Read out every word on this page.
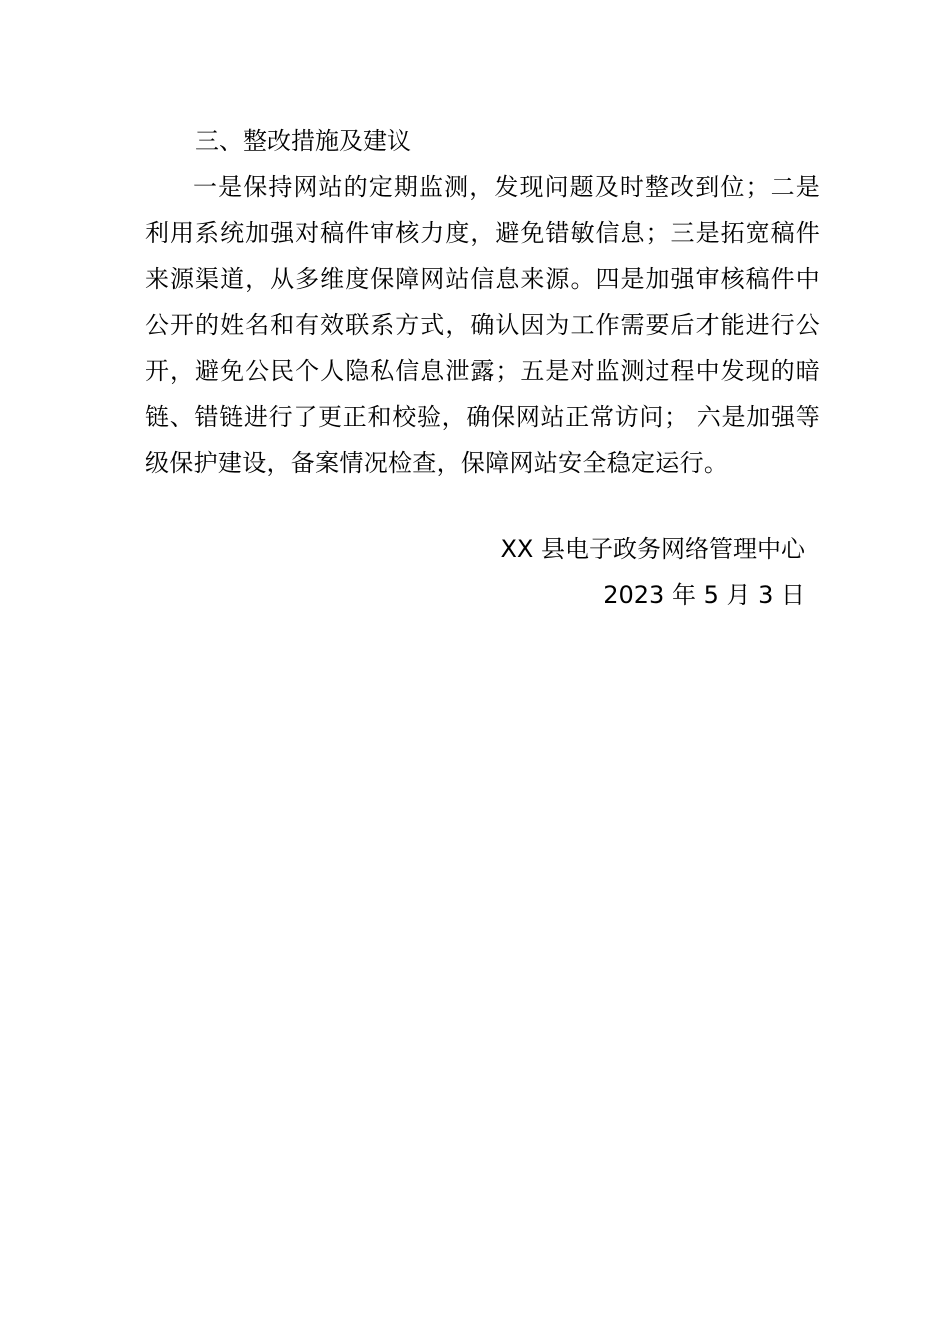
三、整改措施及建议

一是保持网站的定期监测，发现问题及时整改到位；二是利用系统加强对稿件审核力度，避免错敏信息；三是拓宽稿件来源渠道，从多维度保障网站信息来源。四是加强审核稿件中公开的姓名和有效联系方式，确认因为工作需要后才能进行公开，避免公民个人隐私信息泄露；五是对监测过程中发现的暗链、错链进行了更正和校验，确保网站正常访问； 六是加强等级保护建设，备案情况检查，保障网站安全稳定运行。

XX 县电子政务网络管理中心
2023 年 5 月 3 日
